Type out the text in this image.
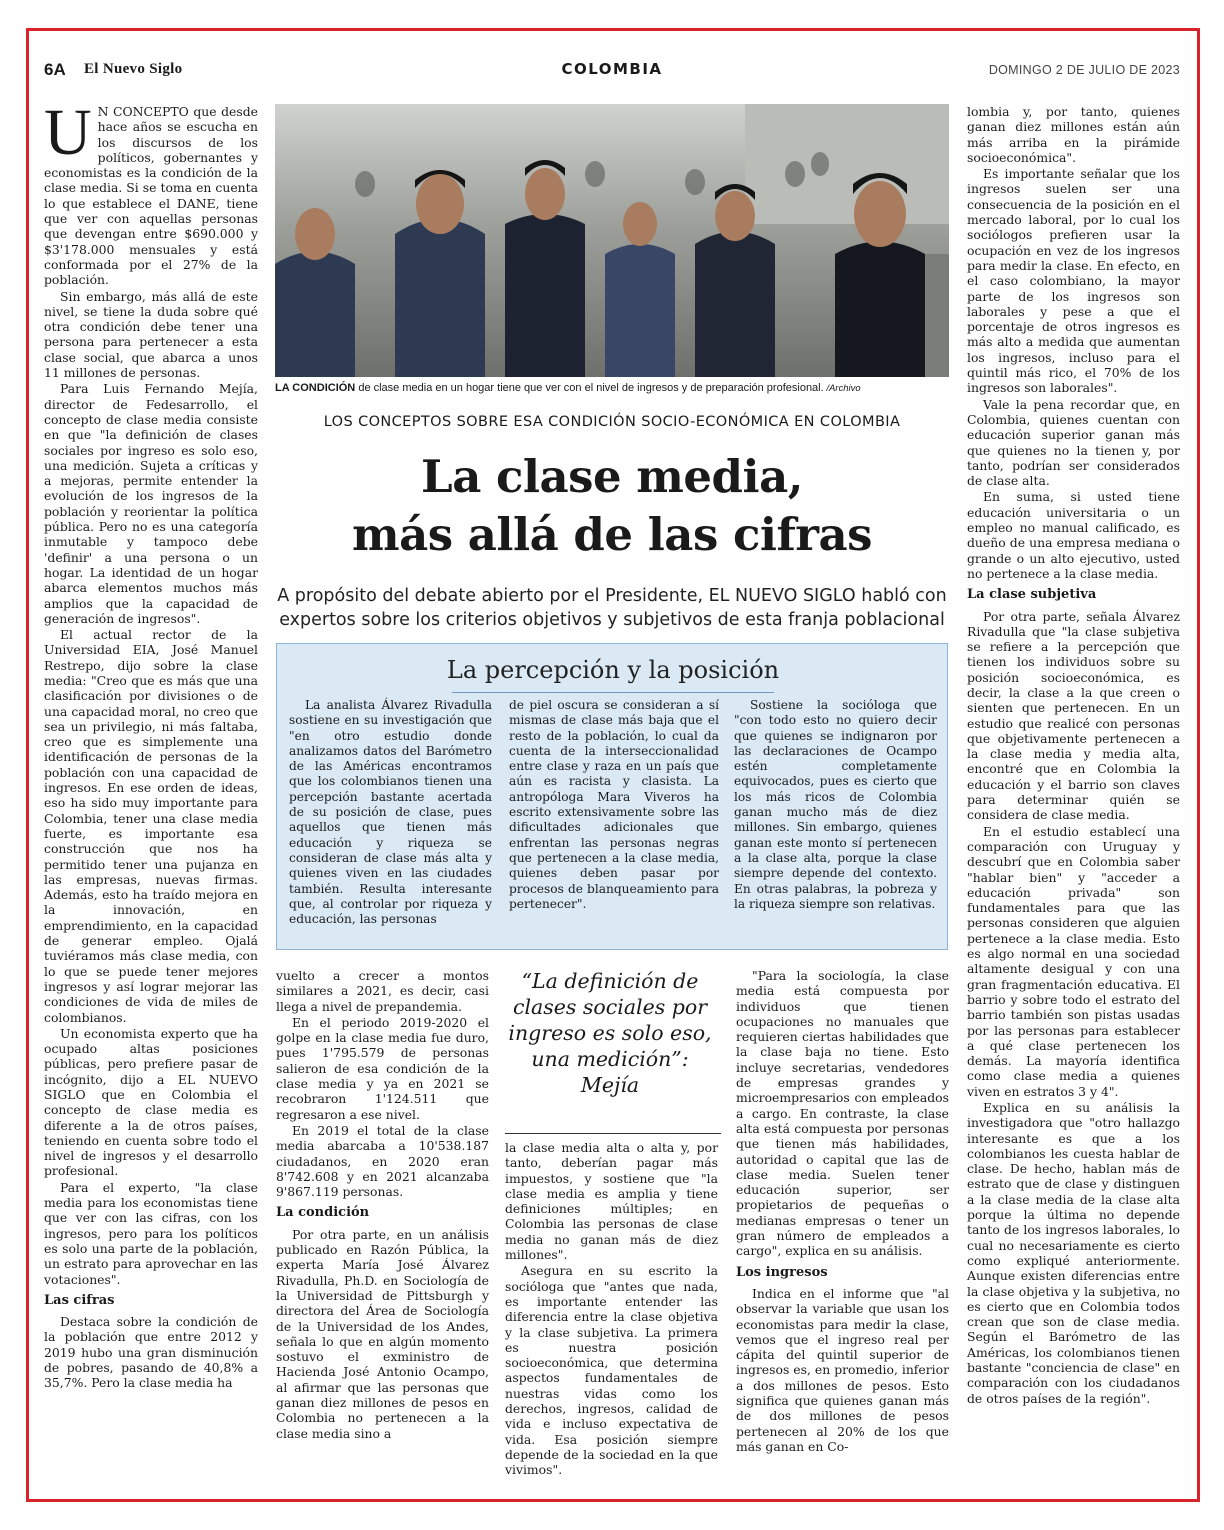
6A El Nuevo Siglo	COLOMBIA	DOMINGO 2 DE JULIO DE 2023

U N CONCEPTO que desde hace años se escucha en los discursos de los políticos, gobernantes y economistas es la condición de la clase media. Si se toma en cuenta lo que establece el DANE, tiene que ver con aquellas personas que devengan entre $690.000 y $3'178.000 mensuales y está conformada por el 27% de la población.

Sin embargo, más allá de este nivel, se tiene la duda sobre qué otra condición debe tener una persona para pertenecer a esta clase social, que abarca a unos 11 millones de personas.

Para Luis Fernando Mejía, director de Fedesarrollo, el concepto de clase media consiste en que "la definición de clases sociales por ingreso es solo eso, una medición. Sujeta a críticas y a mejoras, permite entender la evolución de los ingresos de la población y reorientar la política pública. Pero no es una categoría inmutable y tampoco debe 'definir' a una persona o un hogar. La identidad de un hogar abarca elementos muchos más amplios que la capacidad de generación de ingresos".

El actual rector de la Universidad EIA, José Manuel Restrepo, dijo sobre la clase media: "Creo que es más que una clasificación por divisiones o de una capacidad moral, no creo que sea un privilegio, ni más faltaba, creo que es simplemente una identificación de personas de la población con una capacidad de ingresos. En ese orden de ideas, eso ha sido muy importante para Colombia, tener una clase media fuerte, es importante esa construcción que nos ha permitido tener una pujanza en las empresas, nuevas firmas. Además, esto ha traído mejora en la innovación, en emprendimiento, en la capacidad de generar empleo. Ojalá tuviéramos más clase media, con lo que se puede tener mejores ingresos y así lograr mejorar las condiciones de vida de miles de colombianos.

Un economista experto que ha ocupado altas posiciones públicas, pero prefiere pasar de incógnito, dijo a EL NUEVO SIGLO que en Colombia el concepto de clase media es diferente a la de otros países, teniendo en cuenta sobre todo el nivel de ingresos y el desarrollo profesional.

Para el experto, "la clase media para los economistas tiene que ver con las cifras, con los ingresos, pero para los políticos es solo una parte de la población, un estrato para aprovechar en las votaciones".

Las cifras

Destaca sobre la condición de la población que entre 2012 y 2019 hubo una gran disminución de pobres, pasando de 40,8% a 35,7%. Pero la clase media ha

LA CONDICIÓN de clase media en un hogar tiene que ver con el nivel de ingresos y de preparación profesional. /Archivo
LOS CONCEPTOS SOBRE ESA CONDICIÓN SOCIO-ECONÓMICA EN COLOMBIA
La clase media,
más allá de las cifras
A propósito del debate abierto por el Presidente, EL NUEVO SIGLO habló con
expertos sobre los criterios objetivos y subjetivos de esta franja poblacional
La percepción y la posición

La analista Álvarez Rivadulla sostiene en su investigación que "en otro estudio donde analizamos datos del Barómetro de las Américas encontramos que los colombianos tienen una percepción bastante acertada de su posición de clase, pues aquellos que tienen más educación y riqueza se consideran de clase más alta y quienes viven en las ciudades también. Resulta interesante que, al controlar por riqueza y educación, las personas

de piel oscura se consideran a sí mismas de clase más baja que el resto de la población, lo cual da cuenta de la interseccionalidad entre clase y raza en un país que aún es racista y clasista. La antropóloga Mara Viveros ha escrito extensivamente sobre las dificultades adicionales que enfrentan las personas negras que pertenecen a la clase media, quienes deben pasar por procesos de blanqueamiento para pertenecer".

Sostiene la socióloga que "con todo esto no quiero decir que quienes se indignaron por las declaraciones de Ocampo estén completamente equivocados, pues es cierto que los más ricos de Colombia ganan mucho más de diez millones. Sin embargo, quienes ganan este monto sí pertenecen a la clase alta, porque la clase siempre depende del contexto. En otras palabras, la pobreza y la riqueza siempre son relativas.

vuelto a crecer a montos similares a 2021, es decir, casi llega a nivel de prepandemia.

En el periodo 2019-2020 el golpe en la clase media fue duro, pues 1'795.579 de personas salieron de esa condición de la clase media y ya en 2021 se recobraron 1'124.511 que regresaron a ese nivel.

En 2019 el total de la clase media abarcaba a 10'538.187 ciudadanos, en 2020 eran 8'742.608 y en 2021 alcanzaba 9'867.119 personas.

La condición

Por otra parte, en un análisis publicado en Razón Pública, la experta María José Álvarez Rivadulla, Ph.D. en Sociología de la Universidad de Pittsburgh y directora del Área de Sociología de la Universidad de los Andes, señala lo que en algún momento sostuvo el exministro de Hacienda José Antonio Ocampo, al afirmar que las personas que ganan diez millones de pesos en Colombia no pertenecen a la clase media sino a

“La definición de clases sociales por ingreso es solo eso, una medición”: Mejía

la clase media alta o alta y, por tanto, deberían pagar más impuestos, y sostiene que "la clase media es amplia y tiene definiciones múltiples; en Colombia las personas de clase media no ganan más de diez millones".

Asegura en su escrito la socióloga que "antes que nada, es importante entender las diferencia entre la clase objetiva y la clase subjetiva. La primera es nuestra posición socioeconómica, que determina aspectos fundamentales de nuestras vidas como los derechos, ingresos, calidad de vida e incluso expectativa de vida. Esa posición siempre depende de la sociedad en la que vivimos".

"Para la sociología, la clase media está compuesta por individuos que tienen ocupaciones no manuales que requieren ciertas habilidades que la clase baja no tiene. Esto incluye secretarias, vendedores de empresas grandes y microempresarios con empleados a cargo. En contraste, la clase alta está compuesta por personas que tienen más habilidades, autoridad o capital que las de clase media. Suelen tener educación superior, ser propietarios de pequeñas o medianas empresas o tener un gran número de empleados a cargo", explica en su análisis.

Los ingresos

Indica en el informe que "al observar la variable que usan los economistas para medir la clase, vemos que el ingreso real per cápita del quintil superior de ingresos es, en promedio, inferior a dos millones de pesos. Esto significa que quienes ganan más de dos millones de pesos pertenecen al 20% de los que más ganan en Co-

lombia y, por tanto, quienes ganan diez millones están aún más arriba en la pirámide socioeconómica".

Es importante señalar que los ingresos suelen ser una consecuencia de la posición en el mercado laboral, por lo cual los sociólogos prefieren usar la ocupación en vez de los ingresos para medir la clase. En efecto, en el caso colombiano, la mayor parte de los ingresos son laborales y pese a que el porcentaje de otros ingresos es más alto a medida que aumentan los ingresos, incluso para el quintil más rico, el 70% de los ingresos son laborales".

Vale la pena recordar que, en Colombia, quienes cuentan con educación superior ganan más que quienes no la tienen y, por tanto, podrían ser considerados de clase alta.

En suma, si usted tiene educación universitaria o un empleo no manual calificado, es dueño de una empresa mediana o grande o un alto ejecutivo, usted no pertenece a la clase media.

La clase subjetiva

Por otra parte, señala Álvarez Rivadulla que "la clase subjetiva se refiere a la percepción que tienen los individuos sobre su posición socioeconómica, es decir, la clase a la que creen o sienten que pertenecen. En un estudio que realicé con personas que objetivamente pertenecen a la clase media y media alta, encontré que en Colombia la educación y el barrio son claves para determinar quién se considera de clase media.

En el estudio establecí una comparación con Uruguay y descubrí que en Colombia saber "hablar bien" y "acceder a educación privada" son fundamentales para que las personas consideren que alguien pertenece a la clase media. Esto es algo normal en una sociedad altamente desigual y con una gran fragmentación educativa. El barrio y sobre todo el estrato del barrio también son pistas usadas por las personas para establecer a qué clase pertenecen los demás. La mayoría identifica como clase media a quienes viven en estratos 3 y 4".

Explica en su análisis la investigadora que "otro hallazgo interesante es que a los colombianos les cuesta hablar de clase. De hecho, hablan más de estrato que de clase y distinguen a la clase media de la clase alta porque la última no depende tanto de los ingresos laborales, lo cual no necesariamente es cierto como expliqué anteriormente. Aunque existen diferencias entre la clase objetiva y la subjetiva, no es cierto que en Colombia todos crean que son de clase media. Según el Barómetro de las Américas, los colombianos tienen bastante "conciencia de clase" en comparación con los ciudadanos de otros países de la región".
